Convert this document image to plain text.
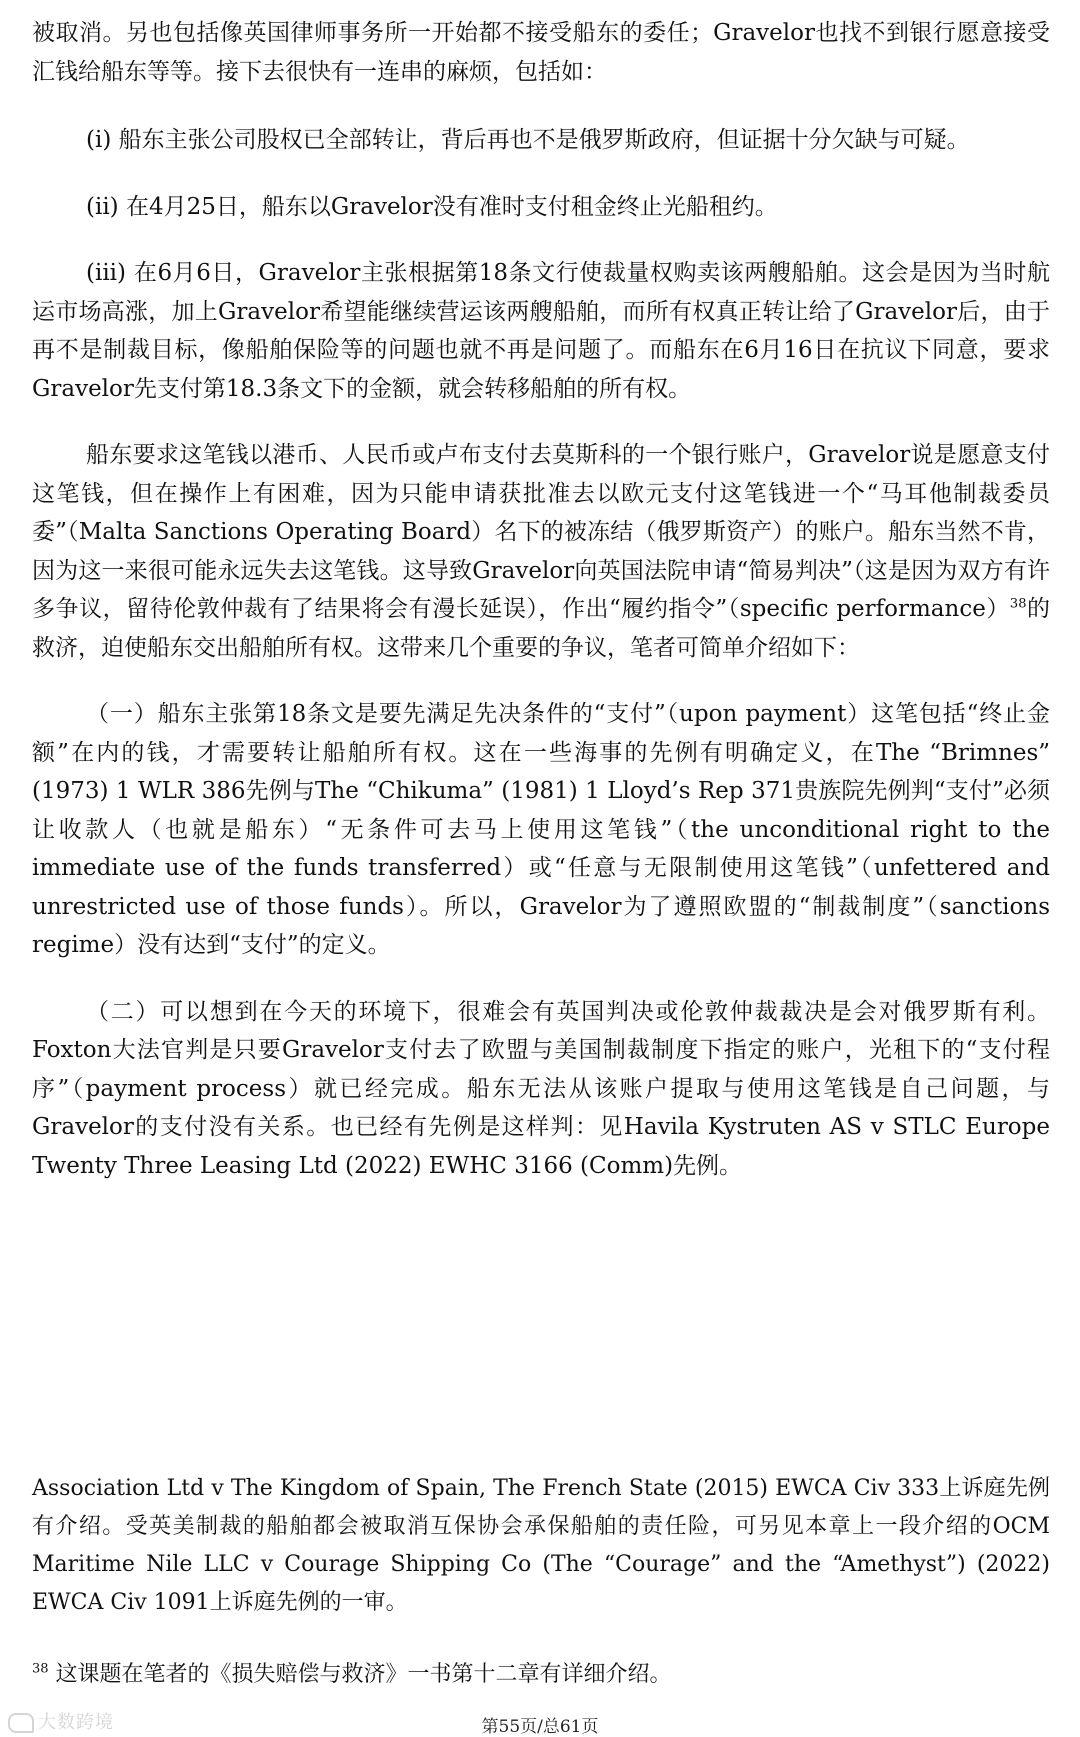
被取消。另也包括像英国律师事务所一开始都不接受船东的委任；Gravelor也找不到银行愿意接受汇钱给船东等等。接下去很快有一连串的麻烦，包括如：

(i) 船东主张公司股权已全部转让，背后再也不是俄罗斯政府，但证据十分欠缺与可疑。

(ii) 在4月25日，船东以Gravelor没有准时支付租金终止光船租约。

(iii) 在6月6日，Gravelor主张根据第18条文行使裁量权购卖该两艘船舶。这会是因为当时航运市场高涨，加上Gravelor希望能继续营运该两艘船舶，而所有权真正转让给了Gravelor后，由于再不是制裁目标，像船舶保险等的问题也就不再是问题了。而船东在6月16日在抗议下同意，要求Gravelor先支付第18.3条文下的金额，就会转移船舶的所有权。

船东要求这笔钱以港币、人民币或卢布支付去莫斯科的一个银行账户，Gravelor说是愿意支付这笔钱，但在操作上有困难，因为只能申请获批准去以欧元支付这笔钱进一个“马耳他制裁委员委”（Malta Sanctions Operating Board）名下的被冻结（俄罗斯资产）的账户。船东当然不肯，因为这一来很可能永远失去这笔钱。这导致Gravelor向英国法院申请“简易判决”（这是因为双方有许多争议，留待伦敦仲裁有了结果将会有漫长延误），作出“履约指令”（specific performance）$^{38}$的救济，迫使船东交出船舶所有权。这带来几个重要的争议，笔者可简单介绍如下：

（一）船东主张第18条文是要先满足先决条件的“支付”（upon payment）这笔包括“终止金额”在内的钱，才需要转让船舶所有权。这在一些海事的先例有明确定义，在The “Brimnes” (1973) 1 WLR 386先例与The “Chikuma” (1981) 1 Lloyd’s Rep 371贵族院先例判“支付”必须让收款人（也就是船东）“无条件可去马上使用这笔钱”（the unconditional right to the immediate use of the funds transferred）或“任意与无限制使用这笔钱”（unfettered and unrestricted use of those funds）。所以，Gravelor为了遵照欧盟的“制裁制度”（sanctions regime）没有达到“支付”的定义。

（二）可以想到在今天的环境下，很难会有英国判决或伦敦仲裁裁决是会对俄罗斯有利。Foxton大法官判是只要Gravelor支付去了欧盟与美国制裁制度下指定的账户，光租下的“支付程序”（payment process）就已经完成。船东无法从该账户提取与使用这笔钱是自己问题，与Gravelor的支付没有关系。也已经有先例是这样判：见Havila Kystruten AS v STLC Europe Twenty Three Leasing Ltd (2022) EWHC 3166 (Comm)先例。

Association Ltd v The Kingdom of Spain, The French State (2015) EWCA Civ 333上诉庭先例有介绍。受英美制裁的船舶都会被取消互保协会承保船舶的责任险，可另见本章上一段介绍的OCM Maritime Nile LLC v Courage Shipping Co (The “Courage” and the “Amethyst”) (2022) EWCA Civ 1091上诉庭先例的一审。

$^{38}$ 这课题在笔者的《损失赔偿与救济》一书第十二章有详细介绍。

大数跨境	第55页/总61页
